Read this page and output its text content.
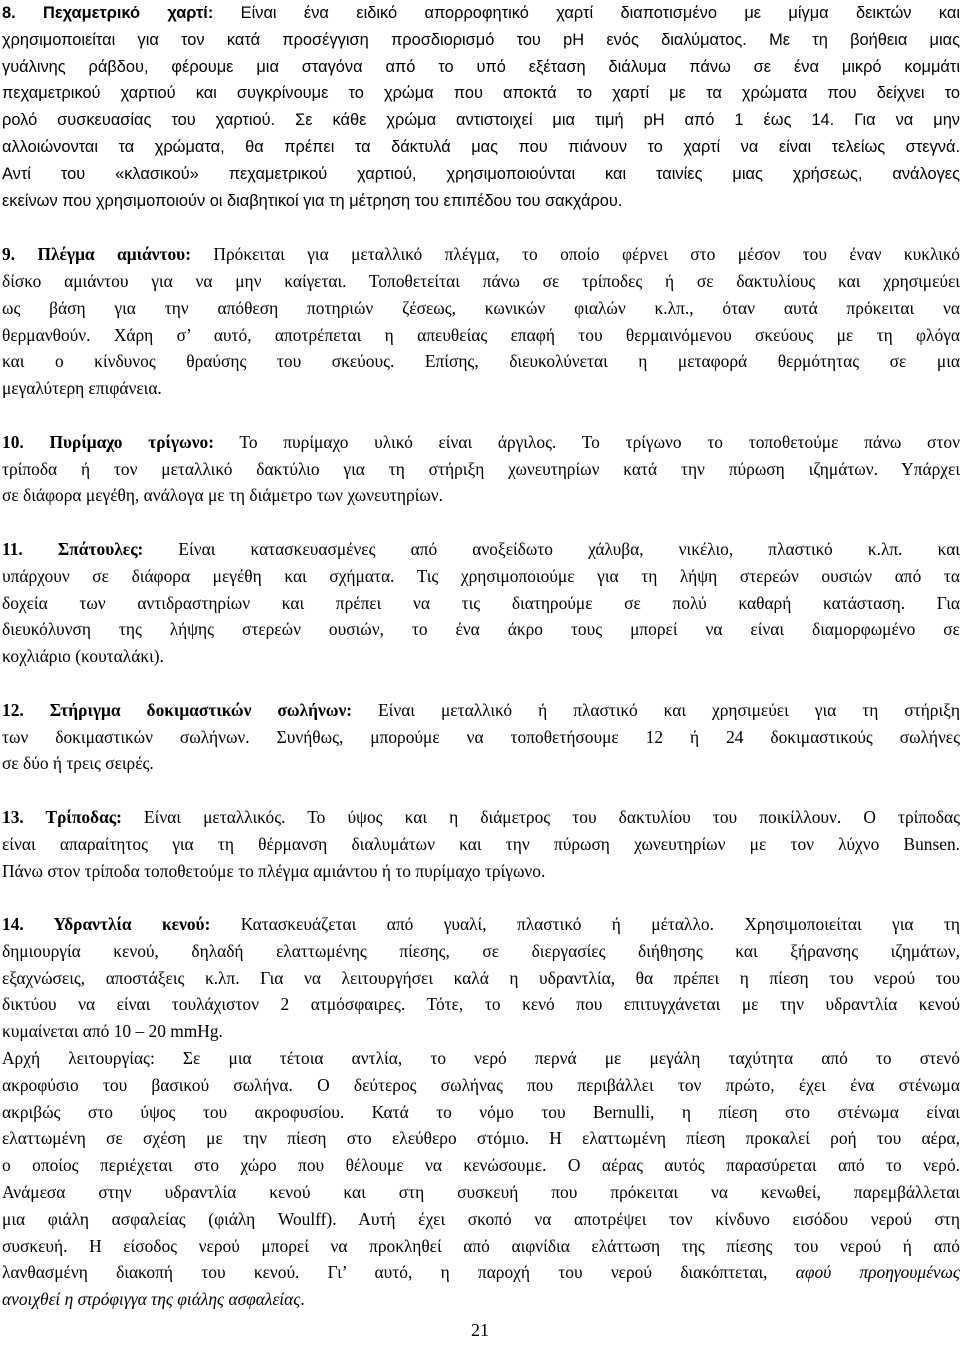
8. Πεχαμετρικό χαρτί: Είναι ένα ειδικό απορροφητικό χαρτί διαποτισμένο με μίγμα δεικτών και

χρησιμοποιείται για τον κατά προσέγγιση προσδιορισμό του pH ενός διαλύματος. Με τη βοήθεια μιας

γυάλινης ράβδου, φέρουμε μια σταγόνα από το υπό εξέταση διάλυμα πάνω σε ένα μικρό κομμάτι

πεχαμετρικού χαρτιού και συγκρίνουμε το χρώμα που αποκτά το χαρτί με τα χρώματα που δείχνει το

ρολό συσκευασίας του χαρτιού. Σε κάθε χρώμα αντιστοιχεί μια τιμή pH από 1 έως 14. Για να μην

αλλοιώνονται τα χρώματα, θα πρέπει τα δάκτυλά μας που πιάνουν το χαρτί να είναι τελείως στεγνά.

Αντί του «κλασικού» πεχαμετρικού χαρτιού, χρησιμοποιούνται και ταινίες μιας χρήσεως, ανάλογες

εκείνων που χρησιμοποιούν οι διαβητικοί για τη μέτρηση του επιπέδου του σακχάρου.

9. Πλέγμα αμιάντου: Πρόκειται για μεταλλικό πλέγμα, το οποίο φέρνει στο μέσον του έναν κυκλικό

δίσκο αμιάντου για να μην καίγεται. Τοποθετείται πάνω σε τρίποδες ή σε δακτυλίους και χρησιμεύει

ως βάση για την απόθεση ποτηριών ζέσεως, κωνικών φιαλών κ.λπ., όταν αυτά πρόκειται να

θερμανθούν. Χάρη σ’ αυτό, αποτρέπεται η απευθείας επαφή του θερμαινόμενου σκεύους με τη φλόγα

και ο κίνδυνος θραύσης του σκεύους. Επίσης, διευκολύνεται η μεταφορά θερμότητας σε μια

μεγαλύτερη επιφάνεια.

10. Πυρίμαχο τρίγωνο: Το πυρίμαχο υλικό είναι άργιλος. Το τρίγωνο το τοποθετούμε πάνω στον

τρίποδα ή τον μεταλλικό δακτύλιο για τη στήριξη χωνευτηρίων κατά την πύρωση ιζημάτων. Υπάρχει

σε διάφορα μεγέθη, ανάλογα με τη διάμετρο των χωνευτηρίων.

11. Σπάτουλες: Είναι κατασκευασμένες από ανοξείδωτο χάλυβα, νικέλιο, πλαστικό κ.λπ. και

υπάρχουν σε διάφορα μεγέθη και σχήματα. Τις χρησιμοποιούμε για τη λήψη στερεών ουσιών από τα

δοχεία των αντιδραστηρίων και πρέπει να τις διατηρούμε σε πολύ καθαρή κατάσταση. Για

διευκόλυνση της λήψης στερεών ουσιών, το ένα άκρο τους μπορεί να είναι διαμορφωμένο σε

κοχλιάριο (κουταλάκι).

12. Στήριγμα δοκιμαστικών σωλήνων: Είναι μεταλλικό ή πλαστικό και χρησιμεύει για τη στήριξη

των δοκιμαστικών σωλήνων. Συνήθως, μπορούμε να τοποθετήσουμε 12 ή 24 δοκιμαστικούς σωλήνες

σε δύο ή τρεις σειρές.

13. Τρίποδας: Είναι μεταλλικός. Το ύψος και η διάμετρος του δακτυλίου του ποικίλλουν. Ο τρίποδας

είναι απαραίτητος για τη θέρμανση διαλυμάτων και την πύρωση χωνευτηρίων με τον λύχνο Bunsen.

Πάνω στον τρίποδα τοποθετούμε το πλέγμα αμιάντου ή το πυρίμαχο τρίγωνο.

14. Υδραντλία κενού: Κατασκευάζεται από γυαλί, πλαστικό ή μέταλλο. Χρησιμοποιείται για τη

δημιουργία κενού, δηλαδή ελαττωμένης πίεσης, σε διεργασίες διήθησης και ξήρανσης ιζημάτων,

εξαχνώσεις, αποστάξεις κ.λπ. Για να λειτουργήσει καλά η υδραντλία, θα πρέπει η πίεση του νερού του

δικτύου να είναι τουλάχιστον 2 ατμόσφαιρες. Τότε, το κενό που επιτυγχάνεται με την υδραντλία κενού

κυμαίνεται από 10 – 20 mmHg.

Αρχή λειτουργίας: Σε μια τέτοια αντλία, το νερό περνά με μεγάλη ταχύτητα από το στενό

ακροφύσιο του βασικού σωλήνα. Ο δεύτερος σωλήνας που περιβάλλει τον πρώτο, έχει ένα στένωμα

ακριβώς στο ύψος του ακροφυσίου. Κατά το νόμο του Bernulli, η πίεση στο στένωμα είναι

ελαττωμένη σε σχέση με την πίεση στο ελεύθερο στόμιο. Η ελαττωμένη πίεση προκαλεί ροή του αέρα,

ο οποίος περιέχεται στο χώρο που θέλουμε να κενώσουμε. Ο αέρας αυτός παρασύρεται από το νερό.

Ανάμεσα στην υδραντλία κενού και στη συσκευή που πρόκειται να κενωθεί, παρεμβάλλεται

μια φιάλη ασφαλείας (φιάλη Woulff). Αυτή έχει σκοπό να αποτρέψει τον κίνδυνο εισόδου νερού στη

συσκευή. Η είσοδος νερού μπορεί να προκληθεί από αιφνίδια ελάττωση της πίεσης του νερού ή από

λανθασμένη διακοπή του κενού. Γι’ αυτό, η παροχή του νερού διακόπτεται, αφού προηγουμένως

ανοιχθεί η στρόφιγγα της φιάλης ασφαλείας.

21
